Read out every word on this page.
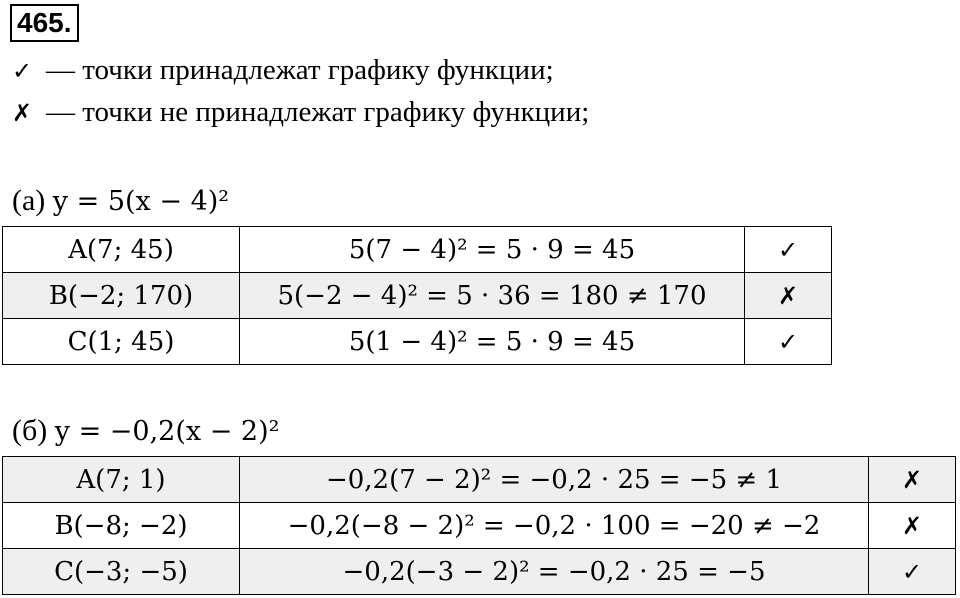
465.
✓ — точки принадлежат графику функции;
✗ — точки не принадлежат графику функции;
(а) y = 5(x − 4)²
A(7; 45)	5(7 − 4)² = 5 · 9 = 45	✓
B(−2; 170)	5(−2 − 4)² = 5 · 36 = 180 ≠ 170	✗
C(1; 45)	5(1 − 4)² = 5 · 9 = 45	✓
(б) y = −0,2(x − 2)²
A(7; 1)	−0,2(7 − 2)² = −0,2 · 25 = −5 ≠ 1	✗
B(−8; −2)	−0,2(−8 − 2)² = −0,2 · 100 = −20 ≠ −2	✗
C(−3; −5)	−0,2(−3 − 2)² = −0,2 · 25 = −5	✓
